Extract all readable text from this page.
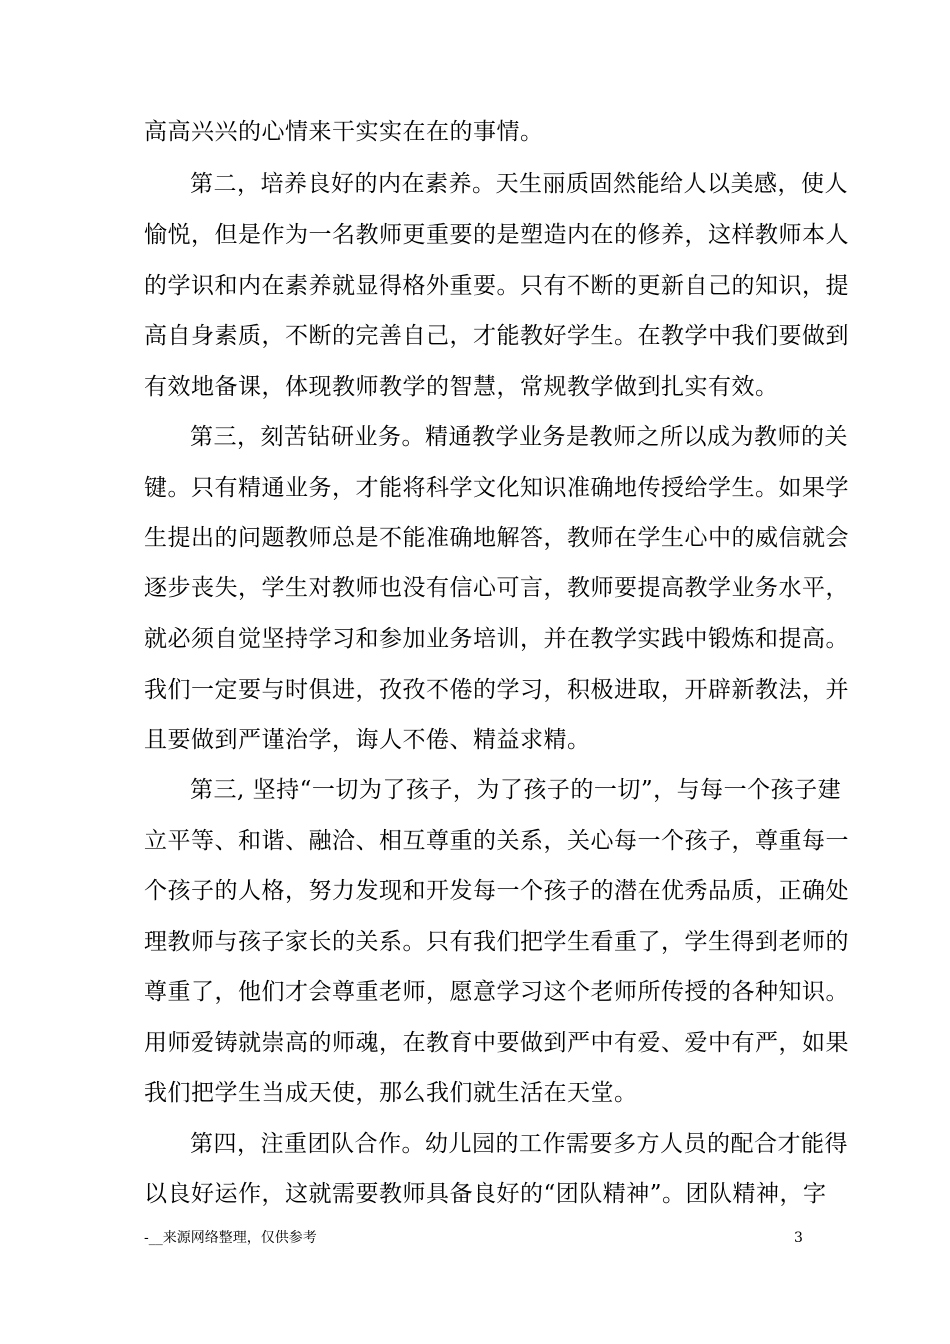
高高兴兴的心情来干实实在在的事情。
第二，培养良好的内在素养。天生丽质固然能给人以美感，使人
愉悦，但是作为一名教师更重要的是塑造内在的修养，这样教师本人
的学识和内在素养就显得格外重要。只有不断的更新自己的知识，提
高自身素质，不断的完善自己，才能教好学生。在教学中我们要做到
有效地备课，体现教师教学的智慧，常规教学做到扎实有效。
第三，刻苦钻研业务。精通教学业务是教师之所以成为教师的关
键。只有精通业务，才能将科学文化知识准确地传授给学生。如果学
生提出的问题教师总是不能准确地解答，教师在学生心中的威信就会
逐步丧失，学生对教师也没有信心可言，教师要提高教学业务水平，
就必须自觉坚持学习和参加业务培训，并在教学实践中锻炼和提高。
我们一定要与时俱进，孜孜不倦的学习，积极进取，开辟新教法，并
且要做到严谨治学，诲人不倦、精益求精。
第三, 坚持“一切为了孩子，为了孩子的一切”，与每一个孩子建
立平等、和谐、融洽、相互尊重的关系，关心每一个孩子，尊重每一
个孩子的人格，努力发现和开发每一个孩子的潜在优秀品质，正确处
理教师与孩子家长的关系。只有我们把学生看重了，学生得到老师的
尊重了，他们才会尊重老师，愿意学习这个老师所传授的各种知识。
用师爱铸就崇高的师魂，在教育中要做到严中有爱、爱中有严，如果
我们把学生当成天使，那么我们就生活在天堂。
第四，注重团队合作。幼儿园的工作需要多方人员的配合才能得
以良好运作，这就需要教师具备良好的“团队精神”。团队精神，字
-__来源网络整理，仅供参考	3
